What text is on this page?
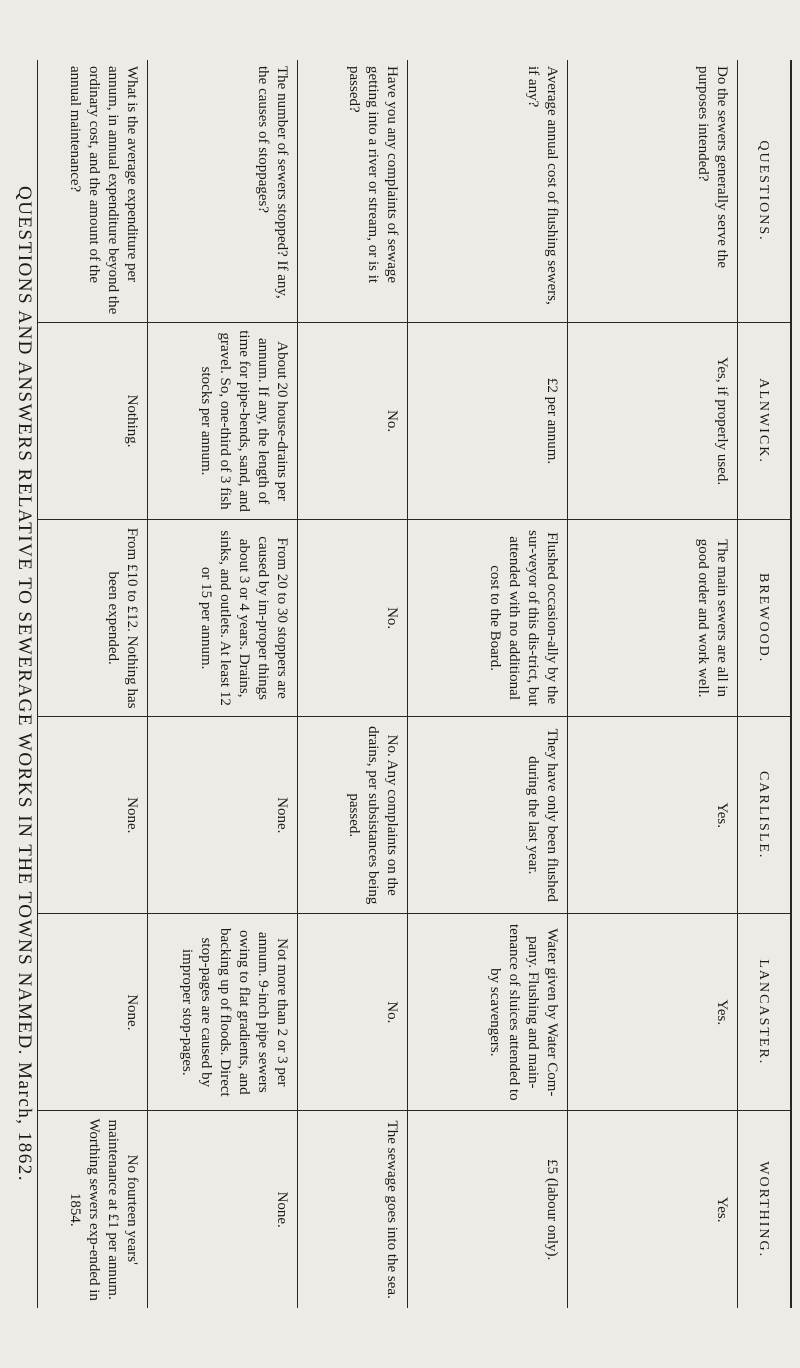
QUESTIONS.	ALNWICK.	BREWOOD.	CARLISLE.	LANCASTER.	WORTHING.
Do the sewers generally serve the purposes intended?	Yes, if properly used.	The main sewers are all in good order and work well.	Yes.	Yes.	Yes.
Average annual cost of flushing sewers, if any?	£2 per annum.	Flushed occasion-ally by the sur-veyor of this dis-trict, but attended with no additional cost to the Board.	They have only been flushed during the last year.	Water given by Water Com-pany. Flushing and main-tenance of sluices attended to by scavengers.	£5 (labour only).
Have you any complaints of sewage getting into a river or stream, or is it passed?	No.	No.	No. Any complaints on the drains, per subsistances being passed.	No.	The sewage goes into the sea.
The number of sewers stopped? If any, the causes of stoppages?	About 20 house-drains per annum. If any, the length of time for pipe-bends, sand, and gravel. So, one-third of 3 fish stocks per annum.	From 20 to 30 stoppers are caused by im-proper things about 3 or 4 years. Drains, sinks, and outlets. At least 12 or 15 per annum.	None.	Not more than 2 or 3 per annum. 9-inch pipe sewers owing to flat gradients, and backing up of floods. Direct stop-pages are caused by improper stop-pages.	None.
What is the average expenditure per annum, in annual expenditure beyond the ordinary cost, and the amount of the annual maintenance?	Nothing.	From £10 to £12. Nothing has been expended.	None.	None.	No fourteen years' maintenance at £1 per annum. Worthing sewers exp-ended in 1854.
QUESTIONS AND ANSWERS RELATIVE TO SEWERAGE WORKS IN THE TOWNS NAMED. March, 1862.
